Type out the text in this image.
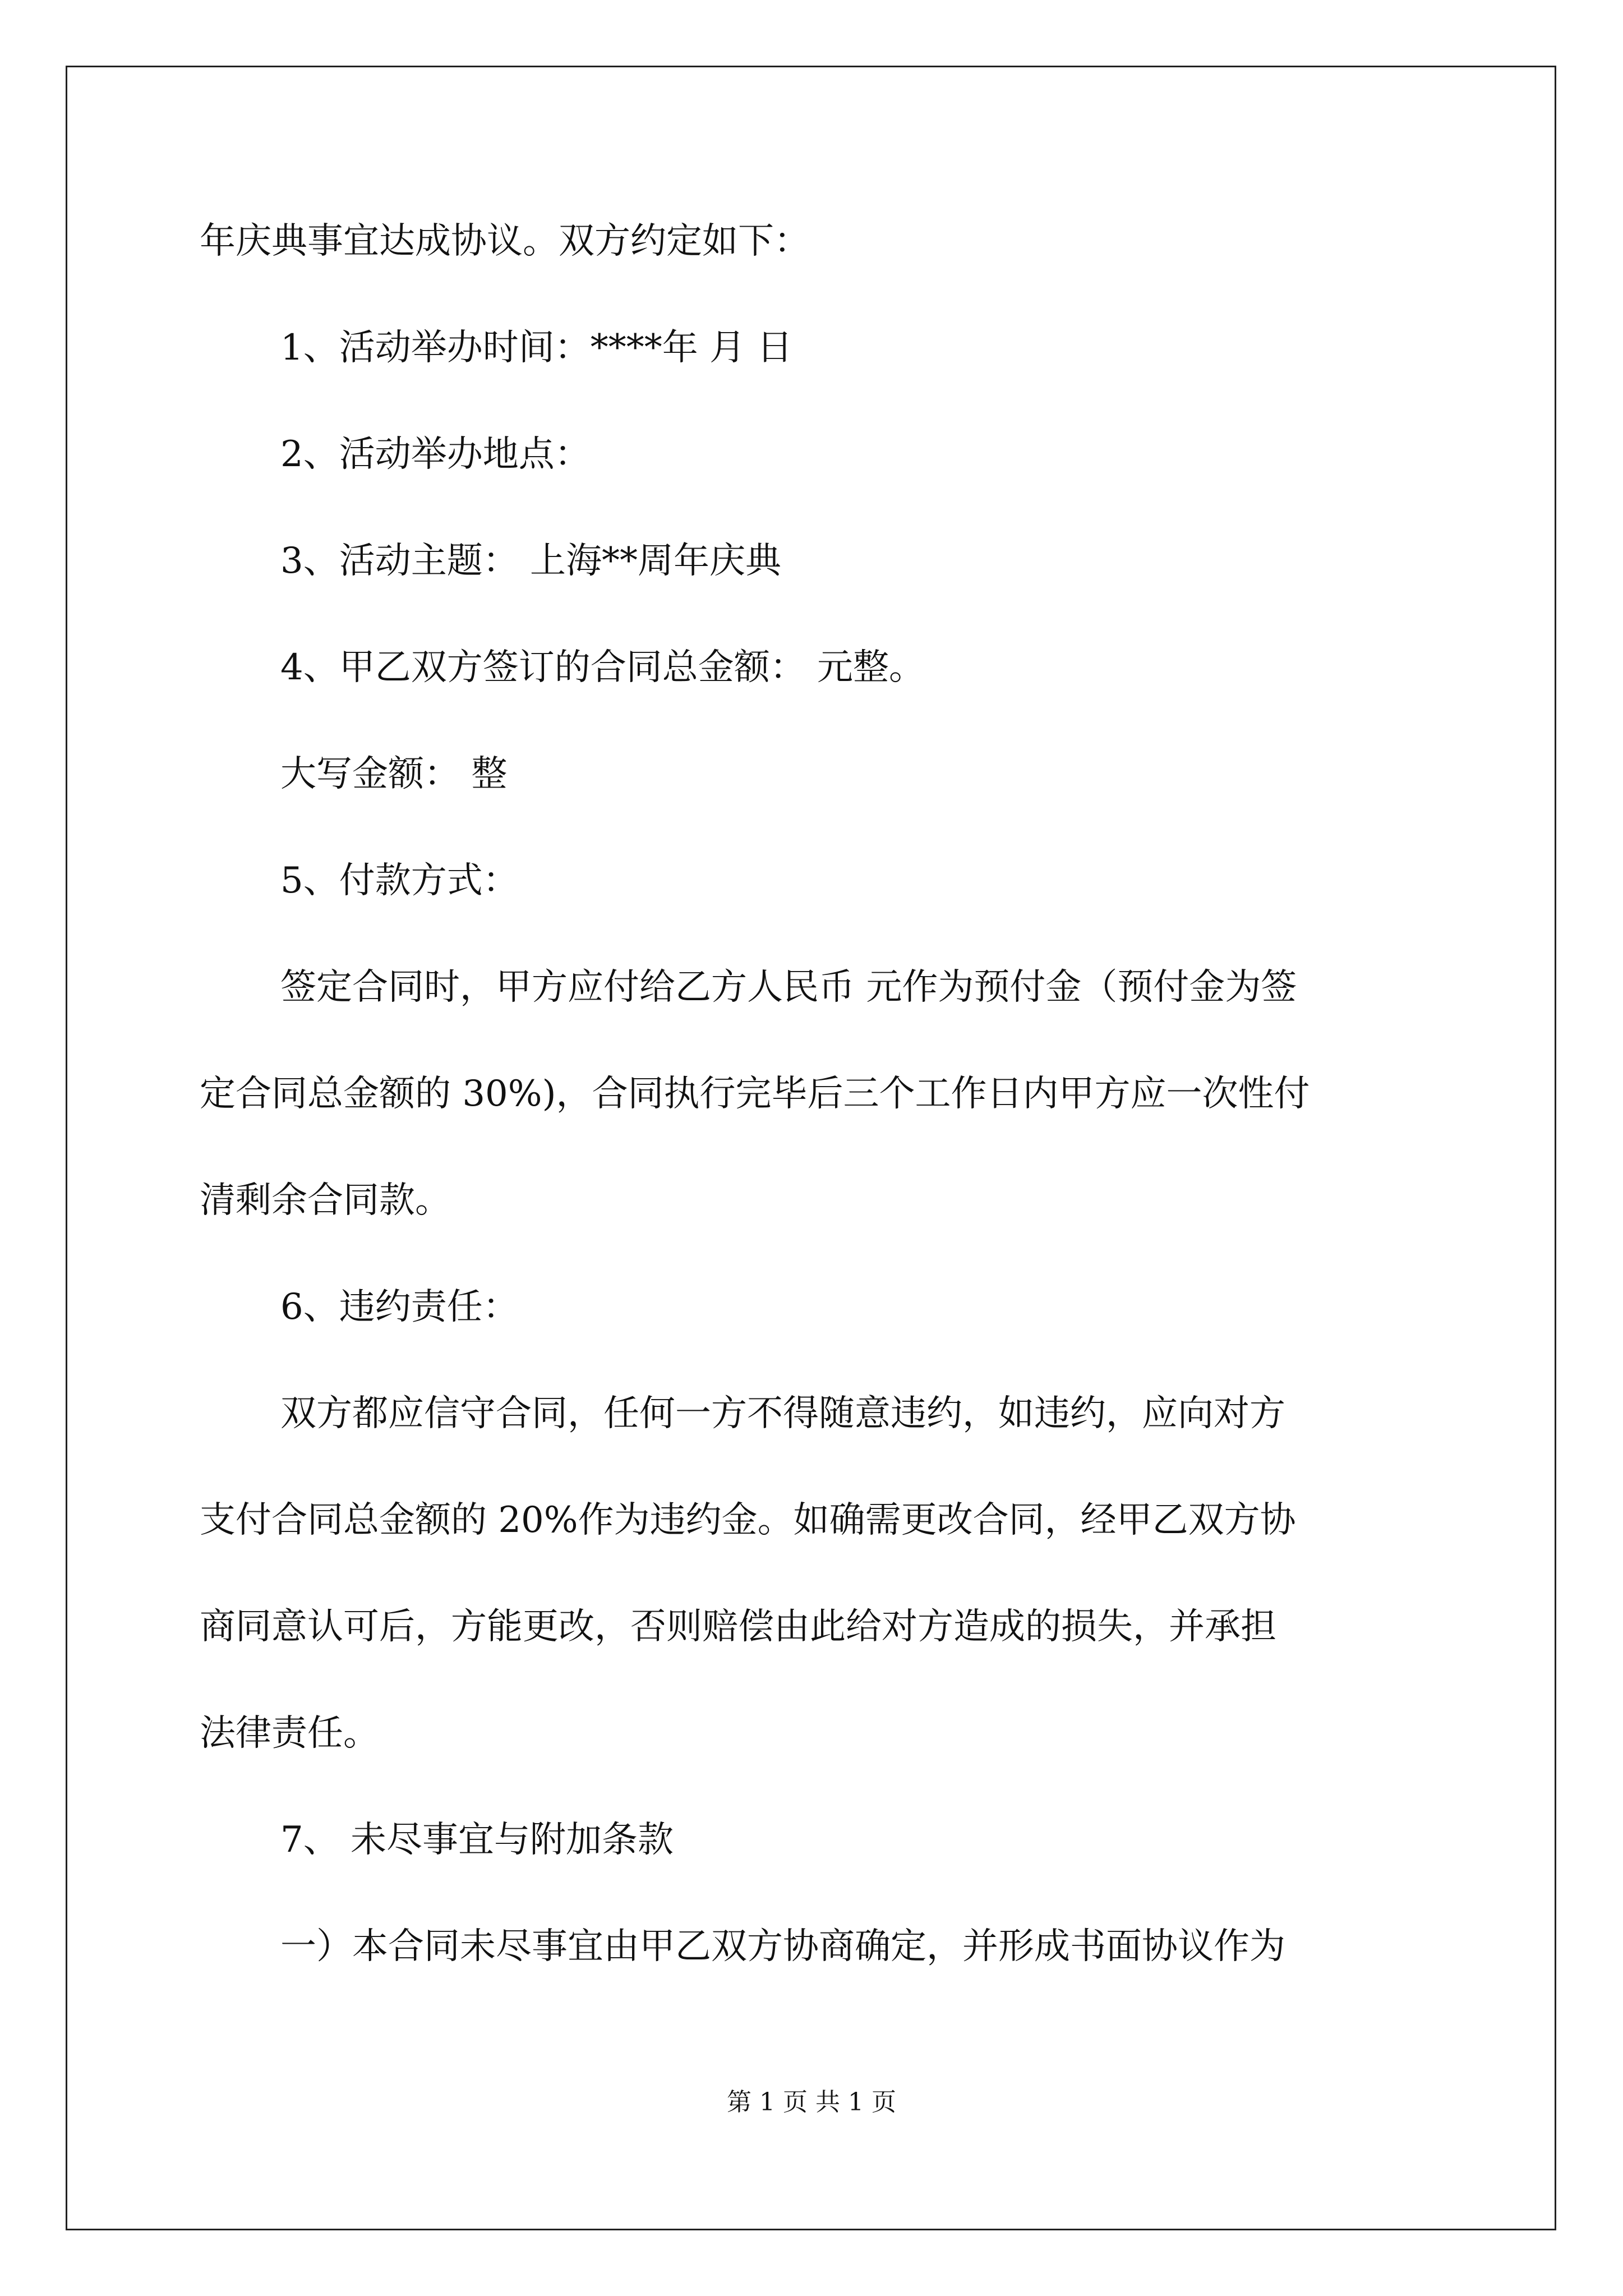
年庆典事宜达成协议。双方约定如下：
1、活动举办时间：****年 月 日
2、活动举办地点：
3、活动主题： 上海**周年庆典
4、甲乙双方签订的合同总金额： 元整。
大写金额： 整
5、付款方式：
签定合同时，甲方应付给乙方人民币 元作为预付金（预付金为签
定合同总金额的 30%)，合同执行完毕后三个工作日内甲方应一次性付
清剩余合同款。
6、违约责任：
双方都应信守合同，任何一方不得随意违约，如违约，应向对方
支付合同总金额的 20%作为违约金。如确需更改合同，经甲乙双方协
商同意认可后，方能更改，否则赔偿由此给对方造成的损失，并承担
法律责任。
7、 未尽事宜与附加条款
一）本合同未尽事宜由甲乙双方协商确定，并形成书面协议作为
第 1 页 共 1 页
